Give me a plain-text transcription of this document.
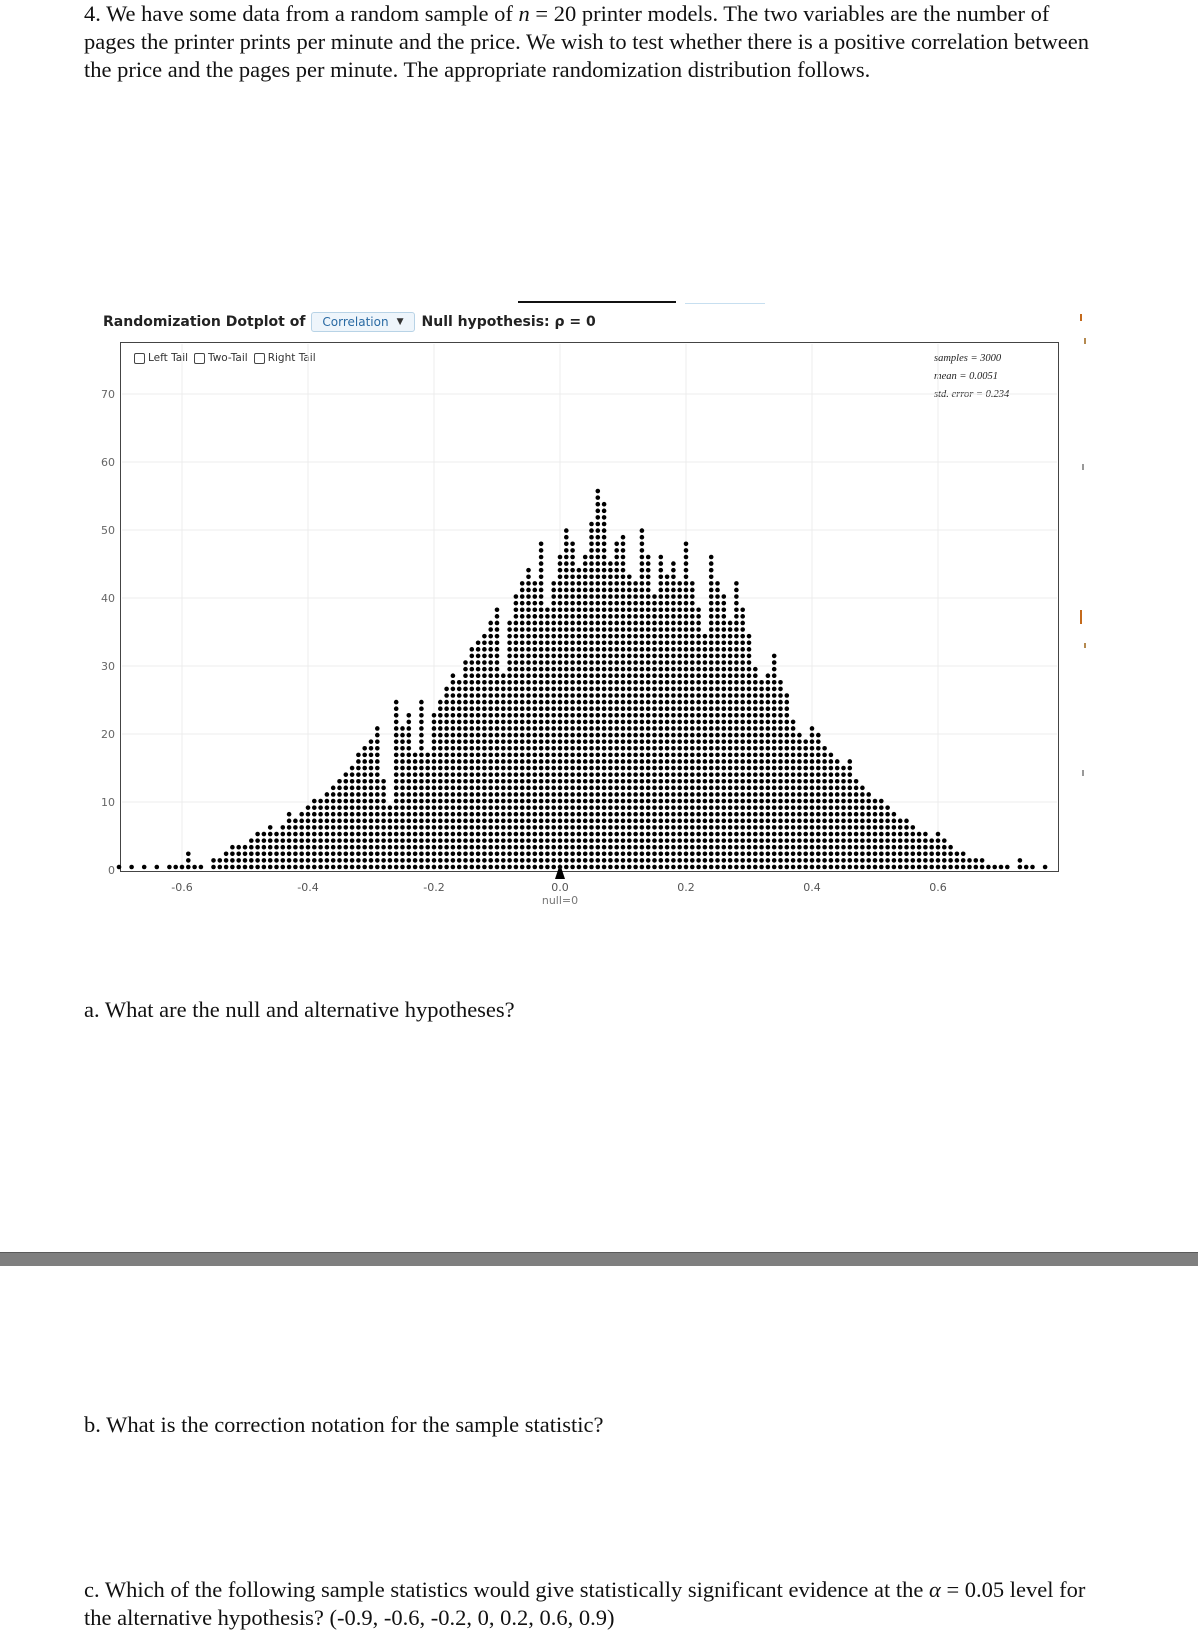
4. We have some data from a random sample of n = 20 printer models. The two variables are the number of pages the printer prints per minute and the price. We wish to test whether there is a positive correlation between the price and the pages per minute. The appropriate randomization distribution follows.
Randomization Dotplot of Correlation ▼ Null hypothesis: ρ = 0
Left Tail Two-Tail Right Tail	samples = 3000
mean = 0.0051
std. error = 0.234
0
10
20
30
40
50
60
70
-0.6	-0.4	-0.2	0.0	0.2	0.4	0.6
null=0
a. What are the null and alternative hypotheses?
b. What is the correction notation for the sample statistic?
c. Which of the following sample statistics would give statistically significant evidence at the α = 0.05 level for the alternative hypothesis? (-0.9, -0.6, -0.2, 0, 0.2, 0.6, 0.9)
